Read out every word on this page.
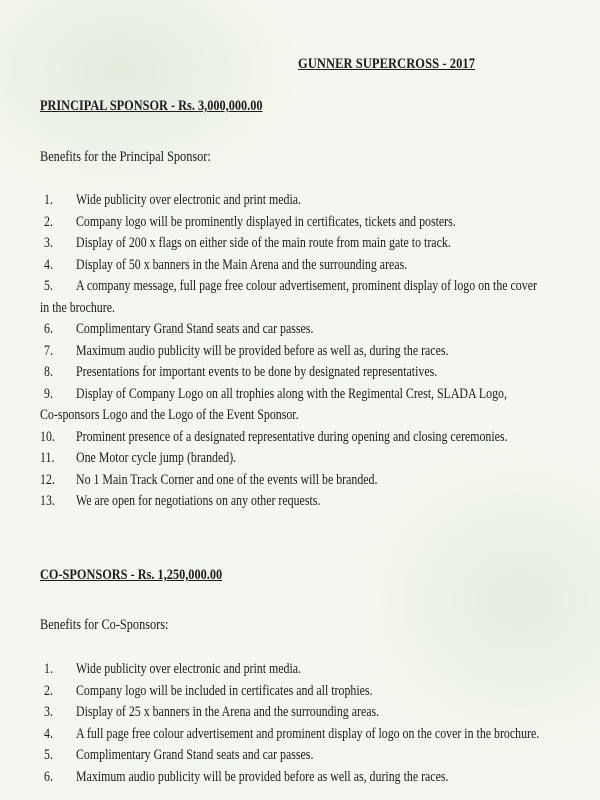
GUNNER SUPERCROSS - 2017
PRINCIPAL SPONSOR - Rs. 3,000,000.00
Benefits for the Principal Sponsor:
1. Wide publicity over electronic and print media.
2. Company logo will be prominently displayed in certificates, tickets and posters.
3. Display of 200 x flags on either side of the main route from main gate to track.
4. Display of 50 x banners in the Main Arena and the surrounding areas.
5. A company message, full page free colour advertisement, prominent display of logo on the cover
in the brochure.
6. Complimentary Grand Stand seats and car passes.
7. Maximum audio publicity will be provided before as well as, during the races.
8. Presentations for important events to be done by designated representatives.
9. Display of Company Logo on all trophies along with the Regimental Crest, SLADA Logo,
Co-sponsors Logo and the Logo of the Event Sponsor.
10. Prominent presence of a designated representative during opening and closing ceremonies.
11. One Motor cycle jump (branded).
12. No 1 Main Track Corner and one of the events will be branded.
13. We are open for negotiations on any other requests.
CO-SPONSORS - Rs. 1,250,000.00
Benefits for Co-Sponsors:
1. Wide publicity over electronic and print media.
2. Company logo will be included in certificates and all trophies.
3. Display of 25 x banners in the Arena and the surrounding areas.
4. A full page free colour advertisement and prominent display of logo on the cover in the brochure.
5. Complimentary Grand Stand seats and car passes.
6. Maximum audio publicity will be provided before as well as, during the races.
